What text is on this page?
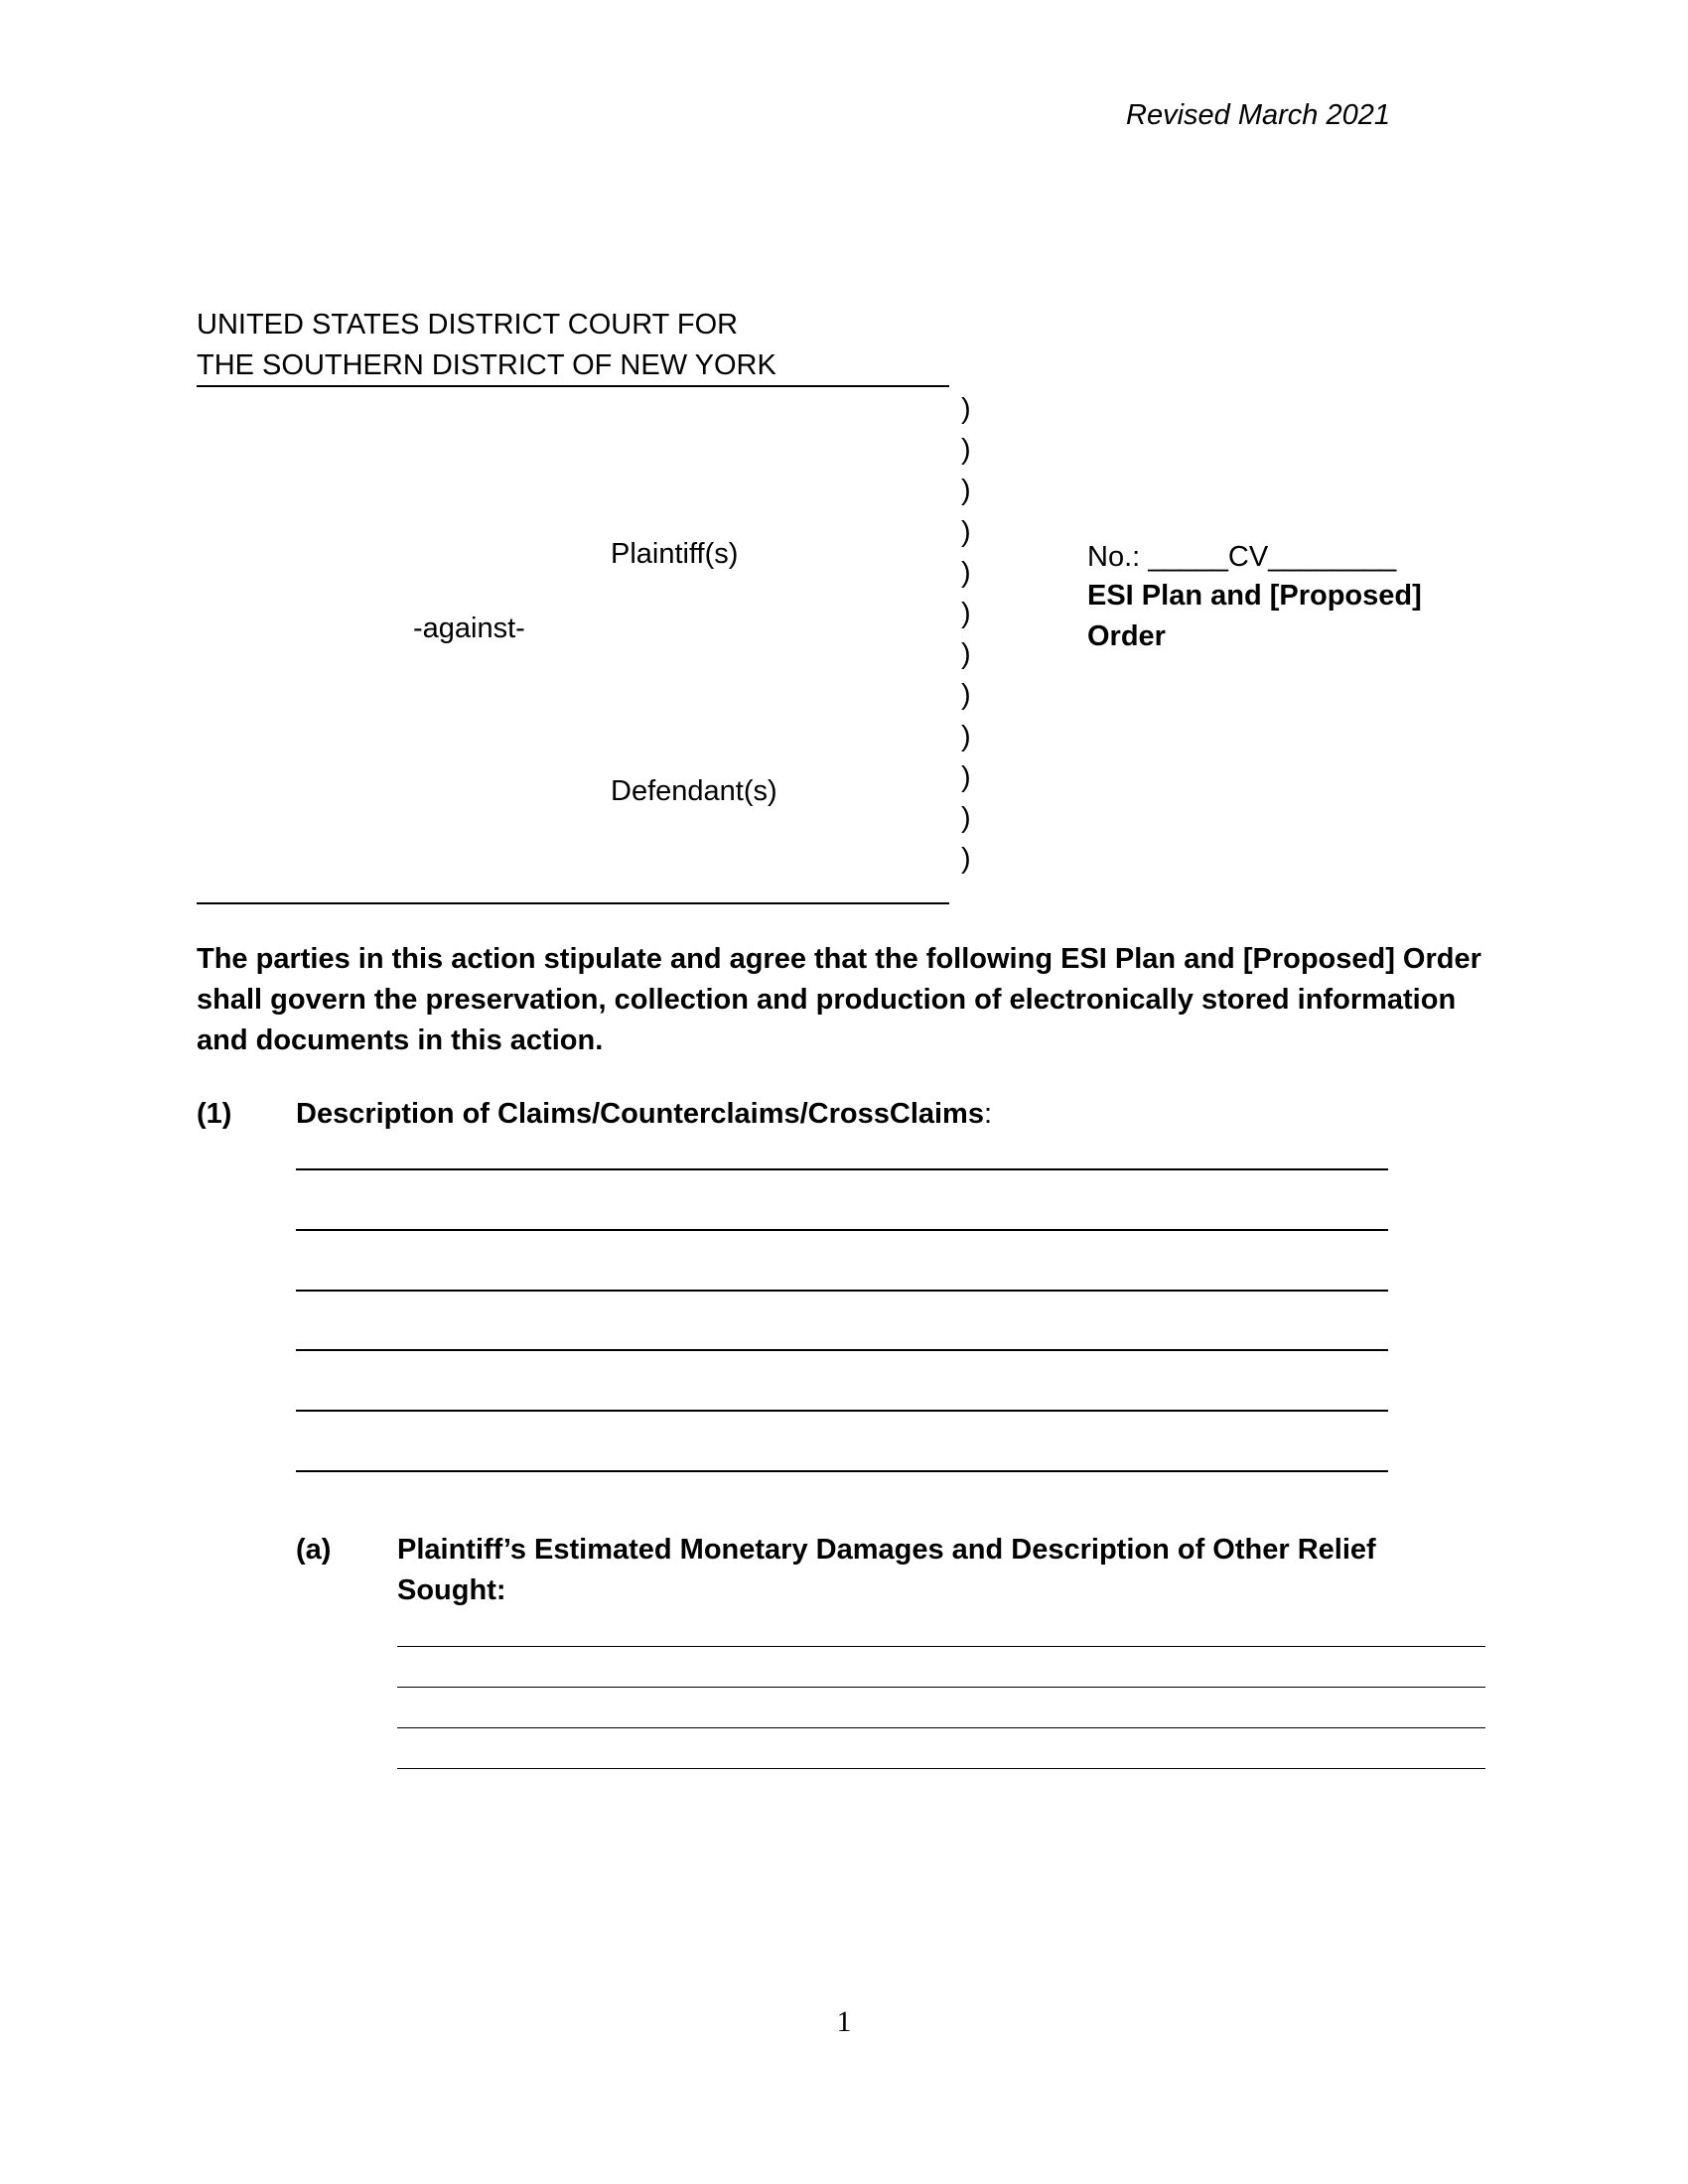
Revised March 2021
UNITED STATES DISTRICT COURT FOR
THE SOUTHERN DISTRICT OF NEW YORK
Plaintiff(s)
-against-
Defendant(s)
)
)
)
)
)
)
)
)
)
)
)
)
No.: _____CV________
ESI Plan and [Proposed]
Order
The parties in this action stipulate and agree that the following ESI Plan and [Proposed] Order shall govern the preservation, collection and production of electronically stored information and documents in this action.
(1) Description of Claims/Counterclaims/CrossClaims:
(a) Plaintiff’s Estimated Monetary Damages and Description of Other Relief
Sought:
1
